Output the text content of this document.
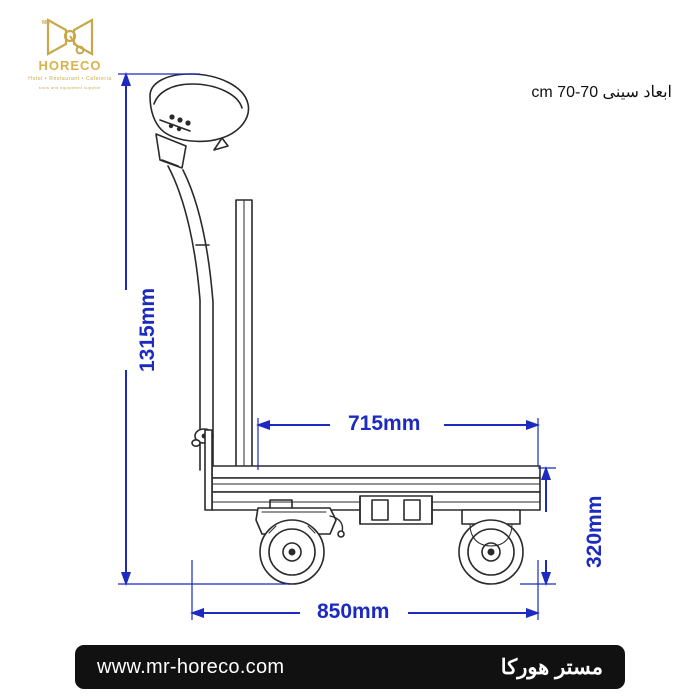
MR
HORECO
Hotel • Restaurant • Cafeteria
tools and equipment supplier	ابعاد سینی 70-70 cm
1315mm
715mm
320mm
850mm
www.mr-horeco.com	مستر هورکا
